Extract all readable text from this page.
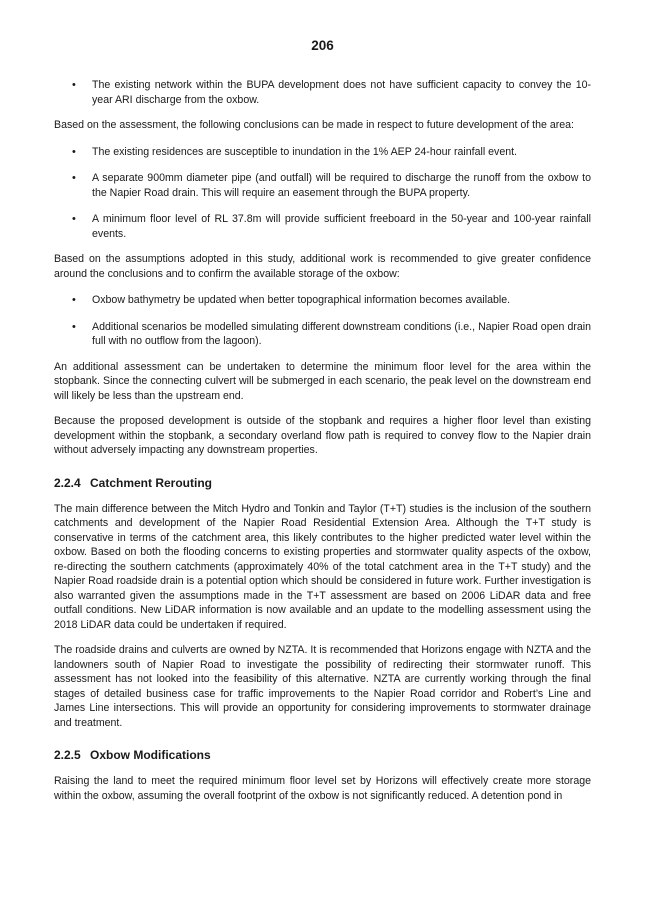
206
• The existing network within the BUPA development does not have sufficient capacity to convey the 10-year ARI discharge from the oxbow.

Based on the assessment, the following conclusions can be made in respect to future development of the area:

• The existing residences are susceptible to inundation in the 1% AEP 24-hour rainfall event.
• A separate 900mm diameter pipe (and outfall) will be required to discharge the runoff from the oxbow to the Napier Road drain. This will require an easement through the BUPA property.
• A minimum floor level of RL 37.8m will provide sufficient freeboard in the 50-year and 100-year rainfall events.

Based on the assumptions adopted in this study, additional work is recommended to give greater confidence around the conclusions and to confirm the available storage of the oxbow:

• Oxbow bathymetry be updated when better topographical information becomes available.
• Additional scenarios be modelled simulating different downstream conditions (i.e., Napier Road open drain full with no outflow from the lagoon).

An additional assessment can be undertaken to determine the minimum floor level for the area within the stopbank. Since the connecting culvert will be submerged in each scenario, the peak level on the downstream end will likely be less than the upstream end.

Because the proposed development is outside of the stopbank and requires a higher floor level than existing development within the stopbank, a secondary overland flow path is required to convey flow to the Napier drain without adversely impacting any downstream properties.

2.2.4 Catchment Rerouting

The main difference between the Mitch Hydro and Tonkin and Taylor (T+T) studies is the inclusion of the southern catchments and development of the Napier Road Residential Extension Area. Although the T+T study is conservative in terms of the catchment area, this likely contributes to the higher predicted water level within the oxbow. Based on both the flooding concerns to existing properties and stormwater quality aspects of the oxbow, re-directing the southern catchments (approximately 40% of the total catchment area in the T+T study) and the Napier Road roadside drain is a potential option which should be considered in future work. Further investigation is also warranted given the assumptions made in the T+T assessment are based on 2006 LiDAR data and free outfall conditions. New LiDAR information is now available and an update to the modelling assessment using the 2018 LiDAR data could be undertaken if required.

The roadside drains and culverts are owned by NZTA. It is recommended that Horizons engage with NZTA and the landowners south of Napier Road to investigate the possibility of redirecting their stormwater runoff. This assessment has not looked into the feasibility of this alternative. NZTA are currently working through the final stages of detailed business case for traffic improvements to the Napier Road corridor and Robert’s Line and James Line intersections. This will provide an opportunity for considering improvements to stormwater drainage and treatment.

2.2.5 Oxbow Modifications

Raising the land to meet the required minimum floor level set by Horizons will effectively create more storage within the oxbow, assuming the overall footprint of the oxbow is not significantly reduced. A detention pond in
